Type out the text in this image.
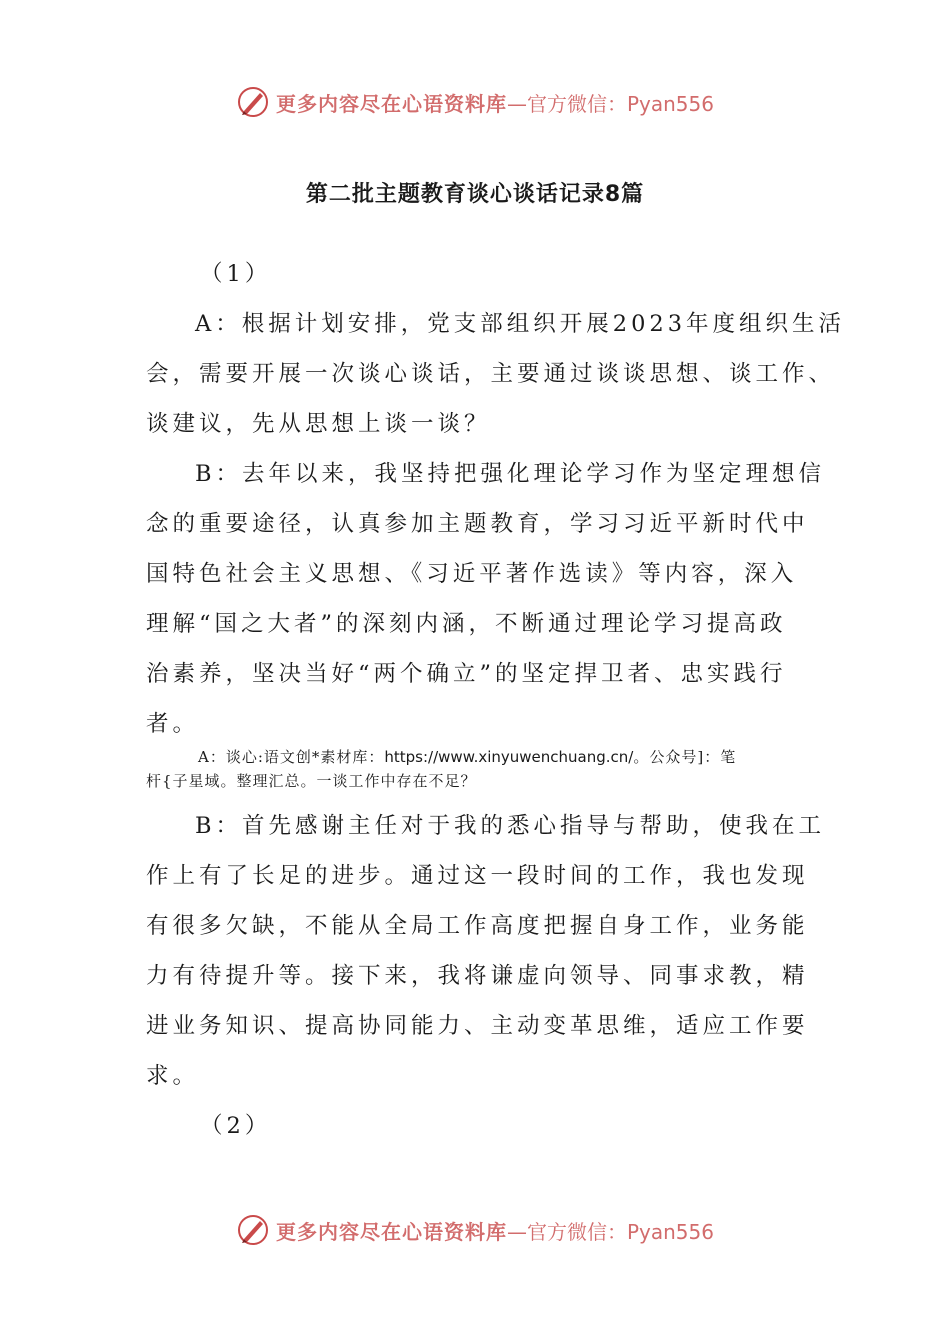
更多内容尽在心语资料库 —官方微信：Pyan556
第二批主题教育谈心谈话记录8篇
（1）
A：根据计划安排，党支部组织开展2023年度组织生活
会，需要开展一次谈心谈话，主要通过谈谈思想、谈工作、
谈建议，先从思想上谈一谈？
B：去年以来，我坚持把强化理论学习作为坚定理想信
念的重要途径，认真参加主题教育，学习习近平新时代中
国特色社会主义思想、《习近平著作选读》等内容，深入
理解“国之大者”的深刻内涵，不断通过理论学习提高政
治素养，坚决当好“两个确立”的坚定捍卫者、忠实践行
者。
A：谈心:语文创*素材库：https://www.xinyuwenchuang.cn/。公众号]：笔
杆{子星域。整理汇总。一谈工作中存在不足？
B：首先感谢主任对于我的悉心指导与帮助，使我在工
作上有了长足的进步。通过这一段时间的工作，我也发现
有很多欠缺，不能从全局工作高度把握自身工作，业务能
力有待提升等。接下来，我将谦虚向领导、同事求教，精
进业务知识、提高协同能力、主动变革思维，适应工作要
求。
（2）
更多内容尽在心语资料库 —官方微信：Pyan556
